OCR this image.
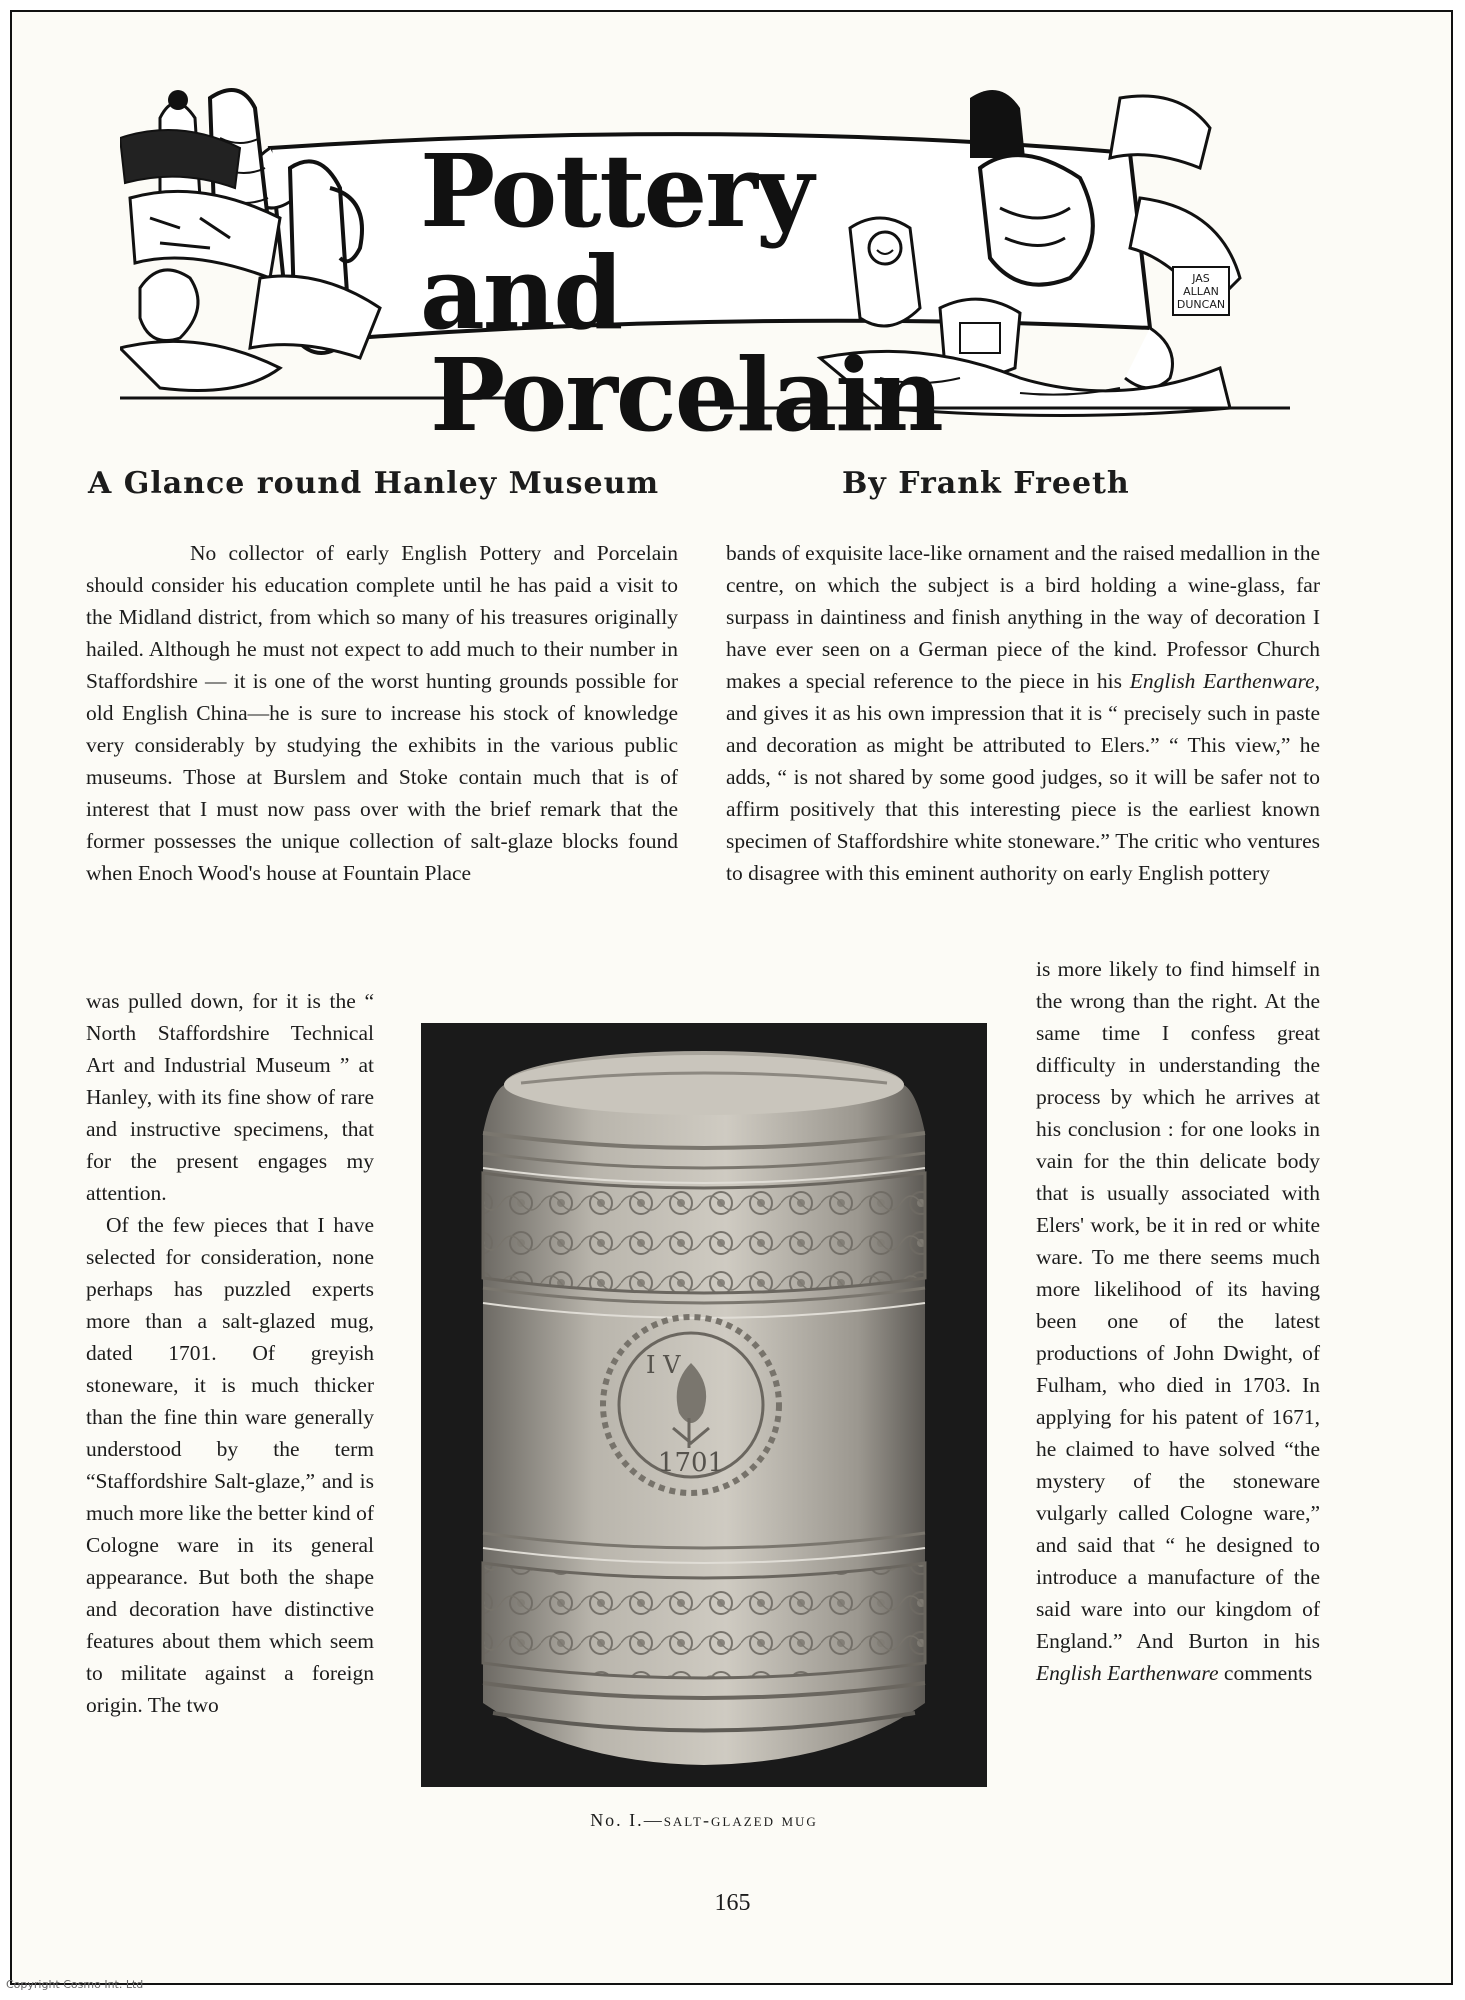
Pottery and
Porcelain
JAS
ALLAN
DUNCAN
A Glance round Hanley Museum	By Frank Freeth

No collector of early English Pottery and Porcelain should consider his education complete until he has paid a visit to the Midland district, from which so many of his treasures originally hailed. Although he must not expect to add much to their number in Staffordshire — it is one of the worst hunting grounds possible for old English China—he is sure to increase his stock of knowledge very considerably by studying the exhibits in the various public museums. Those at Burslem and Stoke contain much that is of interest that I must now pass over with the brief remark that the former possesses the unique collection of salt-glaze blocks found when Enoch Wood's house at Fountain Place

was pulled down, for it is the “ North Staffordshire Technical Art and Industrial Museum ” at Hanley, with its fine show of rare and instructive specimens, that for the present engages my attention.

Of the few pieces that I have selected for consideration, none perhaps has puzzled experts more than a salt-glazed mug, dated 1701. Of greyish stoneware, it is much thicker than the fine thin ware generally understood by the term “Staffordshire Salt-glaze,” and is much more like the better kind of Cologne ware in its general appearance. But both the shape and decoration have distinctive features about them which seem to militate against a foreign origin. The two

bands of exquisite lace-like ornament and the raised medallion in the centre, on which the subject is a bird holding a wine-glass, far surpass in daintiness and finish anything in the way of decoration I have ever seen on a German piece of the kind. Professor Church makes a special reference to the piece in his English Earthenware, and gives it as his own impression that it is “ precisely such in paste and decoration as might be attributed to Elers.” “ This view,” he adds, “ is not shared by some good judges, so it will be safer not to affirm positively that this interesting piece is the earliest known specimen of Staffordshire white stoneware.” The critic who ventures to disagree with this eminent authority on early English pottery

is more likely to find himself in the wrong than the right. At the same time I confess great difficulty in understanding the process by which he arrives at his conclusion : for one looks in vain for the thin delicate body that is usually associated with Elers' work, be it in red or white ware. To me there seems much more likelihood of its having been one of the latest productions of John Dwight, of Fulham, who died in 1703. In applying for his patent of 1671, he claimed to have solved “the mystery of the stoneware vulgarly called Cologne ware,” and said that “ he designed to introduce a manufacture of the said ware into our kingdom of England.” And Burton in his English Earthenware comments

I V
1701
No. I.—salt-glazed mug
165
Copyright Cosmo Int. Ltd
